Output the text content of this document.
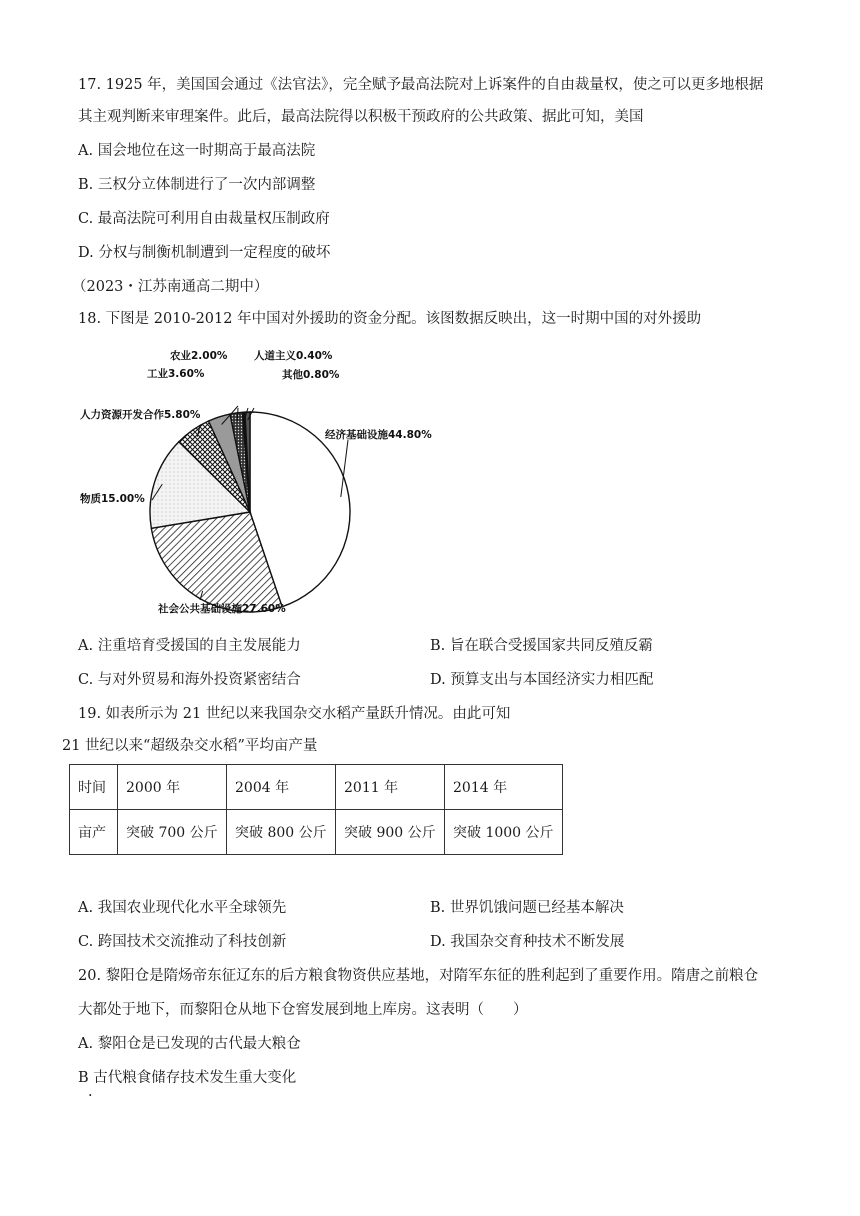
17. 1925 年，美国国会通过《法官法》，完全赋予最高法院对上诉案件的自由裁量权，使之可以更多地根据
其主观判断来审理案件。此后，最高法院得以积极干预政府的公共政策、据此可知，美国
A. 国会地位在这一时期高于最高法院
B. 三权分立体制进行了一次内部调整
C. 最高法院可利用自由裁量权压制政府
D. 分权与制衡机制遭到一定程度的破坏
（2023・江苏南通高二期中）
18. 下图是 2010-2012 年中国对外援助的资金分配。该图数据反映出，这一时期中国的对外援助
经济基础设施44.80%
社会公共基础设施27.60%
物质15.00%
人力资源开发合作5.80%
工业3.60%
农业2.00%	人道主义0.40%
其他0.80%
A. 注重培育受援国的自主发展能力	B. 旨在联合受援国家共同反殖反霸
C. 与对外贸易和海外投资紧密结合	D. 预算支出与本国经济实力相匹配
19. 如表所示为 21 世纪以来我国杂交水稻产量跃升情况。由此可知
21 世纪以来“超级杂交水稻”平均亩产量
时间	2000 年	2004 年	2011 年	2014 年
亩产	突破 700 公斤	突破 800 公斤	突破 900 公斤	突破 1000 公斤
A. 我国农业现代化水平全球领先	B. 世界饥饿问题已经基本解决
C. 跨国技术交流推动了科技创新	D. 我国杂交育种技术不断发展
20. 黎阳仓是隋炀帝东征辽东的后方粮食物资供应基地，对隋军东征的胜利起到了重要作用。隋唐之前粮仓
大都处于地下，而黎阳仓从地下仓窖发展到地上库房。这表明（　　）
A. 黎阳仓是已发现的古代最大粮仓
B 古代粮食储存技术发生重大变化
·
